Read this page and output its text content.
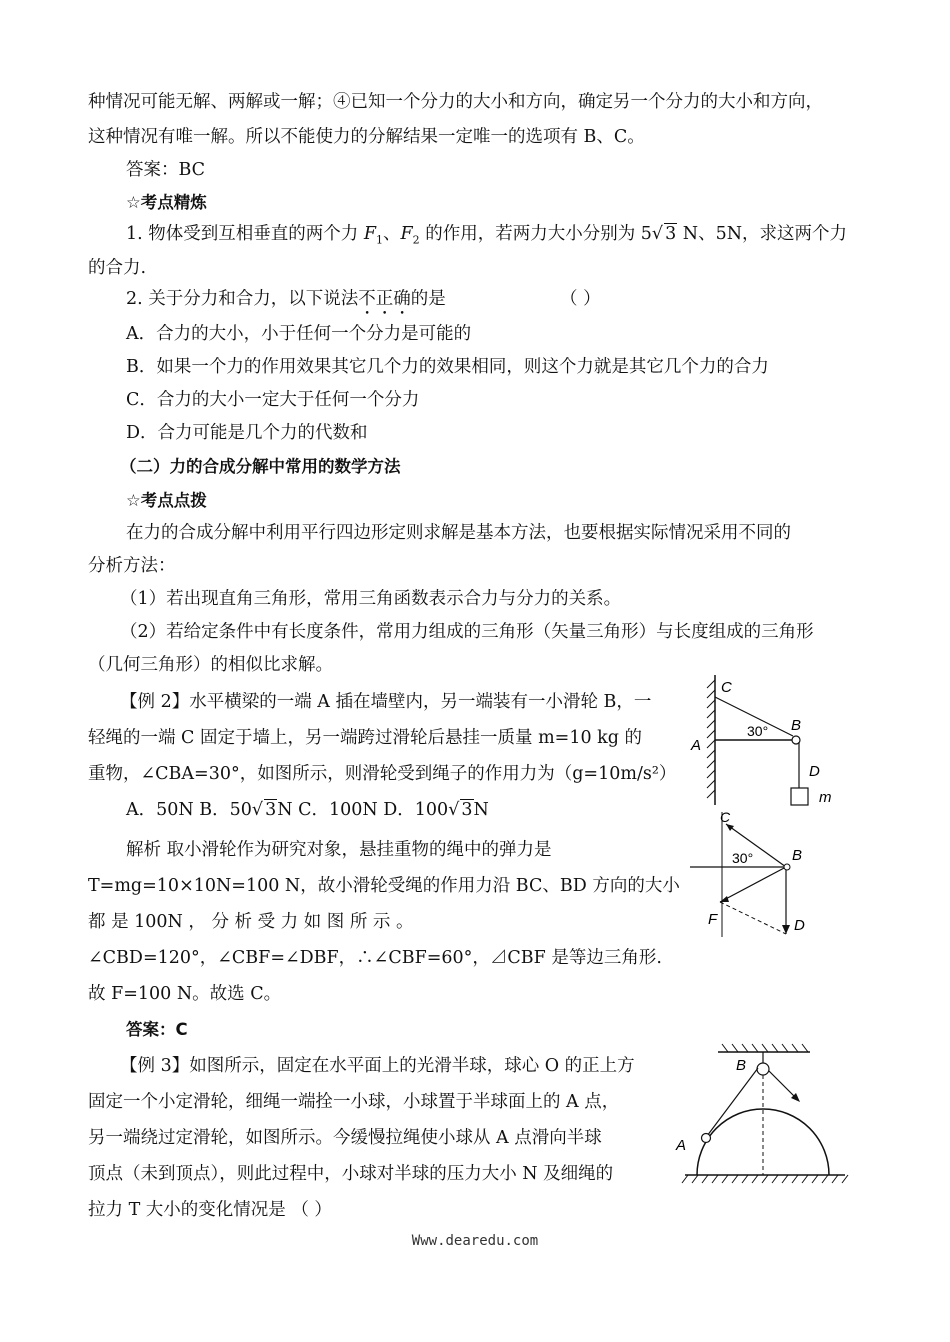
种情况可能无解、两解或一解；④已知一个分力的大小和方向，确定另一个分力的大小和方向，
这种情况有唯一解。所以不能使力的分解结果一定唯一的选项有 B、C。
答案：BC
☆考点精炼
1. 物体受到互相垂直的两个力 $F_1$、$F_2$ 的作用，若两力大小分别为 5√ 3 N、5N，求这两个力
的合力.
2. 关于分力和合力，以下说法不正确的是	（ ）
A．合力的大小，小于任何一个分力是可能的
B．如果一个力的作用效果其它几个力的效果相同，则这个力就是其它几个力的合力
C．合力的大小一定大于任何一个分力
D．合力可能是几个力的代数和
（二）力的合成分解中常用的数学方法
☆考点点拨
在力的合成分解中利用平行四边形定则求解是基本方法，也要根据实际情况采用不同的
分析方法：
（1）若出现直角三角形，常用三角函数表示合力与分力的关系。
（2）若给定条件中有长度条件，常用力组成的三角形（矢量三角形）与长度组成的三角形
（几何三角形）的相似比求解。
【例 2】水平横梁的一端 A 插在墙壁内，另一端装有一小滑轮 B，一
轻绳的一端 C 固定于墙上，另一端跨过滑轮后悬挂一质量 m=10 kg 的
重物，∠CBA=30°，如图所示，则滑轮受到绳子的作用力为（g=10m/s²）
A．50N B．50√ 3N C．100N D．100√ 3N
解析 取小滑轮作为研究对象，悬挂重物的绳中的弹力是
T=mg=10×10N=100 N，故小滑轮受绳的作用力沿 BC、BD 方向的大小
都 是 100N ， 分 析 受 力 如 图 所 示 。
∠CBD=120°，∠CBF=∠DBF，∴∠CBF=60°，⊿CBF 是等边三角形.
故 F=100 N。故选 C。
答案：C
【例 3】如图所示，固定在水平面上的光滑半球，球心 O 的正上方
固定一个小定滑轮，细绳一端拴一小球，小球置于半球面上的 A 点，
另一端绕过定滑轮，如图所示。今缓慢拉绳使小球从 A 点滑向半球
顶点（未到顶点），则此过程中，小球对半球的压力大小 N 及细绳的
拉力 T 大小的变化情况是 （ ）
C
A
B
D
m
30°
C
B
F	D
30°
B
A
Www.dearedu.com
